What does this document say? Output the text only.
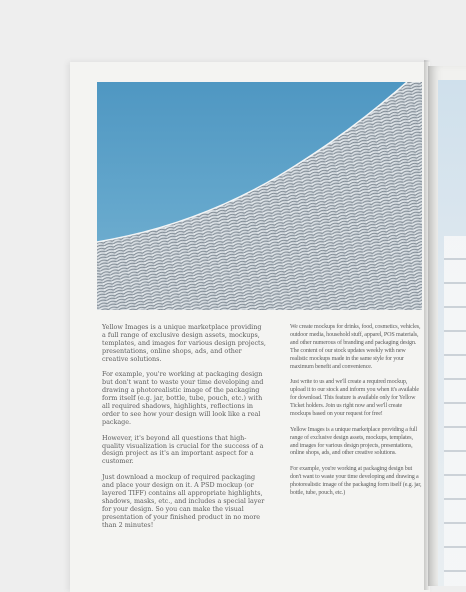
Yellow Images is a unique marketplace providing a full range of exclusive design assets, mockups, templates, and images for various design projects, presentations, online shops, ads, and other creative solutions.

For example, you're working at packaging design but don't want to waste your time developing and drawing a photorealistic image of the packaging form itself (e.g. jar, bottle, tube, pouch, etc.) with all required shadows, highlights, reflections in order to see how your design will look like a real package.

However, it's beyond all questions that high-quality visualization is crucial for the success of a design project as it's an important aspect for a customer.

Just download a mockup of required packaging and place your design on it. A PSD mockup (or layered TIFF) contains all appropriate highlights, shadows, masks, etc., and includes a special layer for your design. So you can make the visual presentation of your finished product in no more than 2 minutes!

We create mockups for drinks, food, cosmetics, vehicles, outdoor media, household stuff, apparel, POS materials, and other numerous of branding and packaging design. The content of our stock updates weekly with new realistic mockups made in the same style for your maximum benefit and convenience.

Just write to us and we'll create a required mockup, upload it to our stock and inform you when it's available for download. This feature is available only for Yellow Ticket holders. Join us right now and we'll create mockups based on your request for free!

Yellow Images is a unique marketplace providing a full range of exclusive design assets, mockups, templates, and images for various design projects, presentations, online shops, ads, and other creative solutions.

For example, you're working at packaging design but don't want to waste your time developing and drawing a photorealistic image of the packaging form itself (e.g. jar, bottle, tube, pouch, etc.)
